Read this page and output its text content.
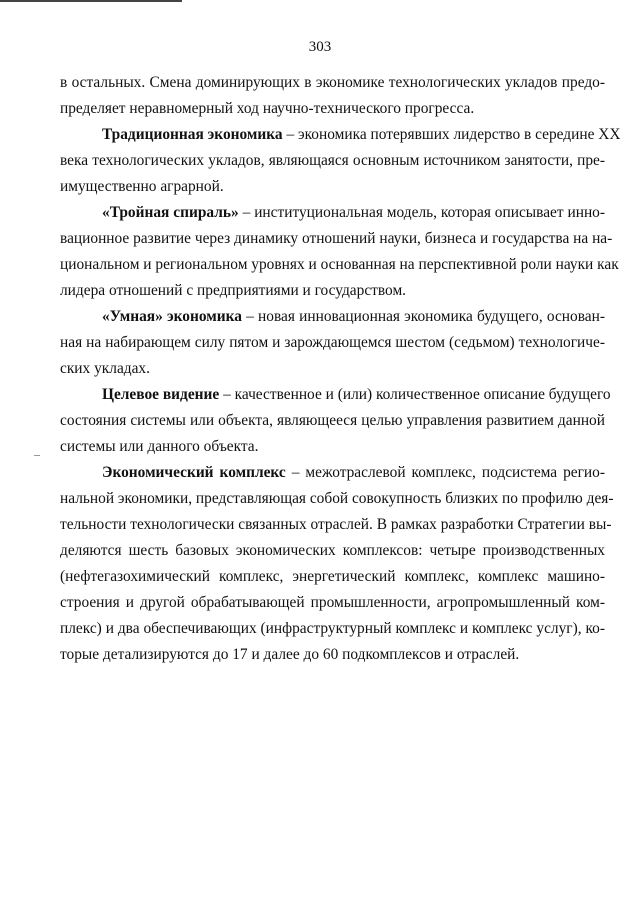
303

в остальных. Смена доминирующих в экономике технологических укладов предо-
пределяет неравномерный ход научно-технического прогресса.

Традиционная экономика – экономика потерявших лидерство в середине XX
века технологических укладов, являющаяся основным источником занятости, пре-
имущественно аграрной.

«Тройная спираль» – институциональная модель, которая описывает инно-
вационное развитие через динамику отношений науки, бизнеса и государства на на-
циональном и региональном уровнях и основанная на перспективной роли науки как
лидера отношений с предприятиями и государством.

«Умная» экономика – новая инновационная экономика будущего, основан-
ная на набирающем силу пятом и зарождающемся шестом (седьмом) технологиче-
ских укладах.

Целевое видение – качественное и (или) количественное описание будущего
состояния системы или объекта, являющееся целью управления развитием данной
системы или данного объекта.

Экономический комплекс – межотраслевой комплекс, подсистема регио-
нальной экономики, представляющая собой совокупность близких по профилю дея-
тельности технологически связанных отраслей. В рамках разработки Стратегии вы-
деляются шесть базовых экономических комплексов: четыре производственных
(нефтегазохимический комплекс, энергетический комплекс, комплекс машино-
строения и другой обрабатывающей промышленности, агропромышленный ком-
плекс) и два обеспечивающих (инфраструктурный комплекс и комплекс услуг), ко-
торые детализируются до 17 и далее до 60 подкомплексов и отраслей.
